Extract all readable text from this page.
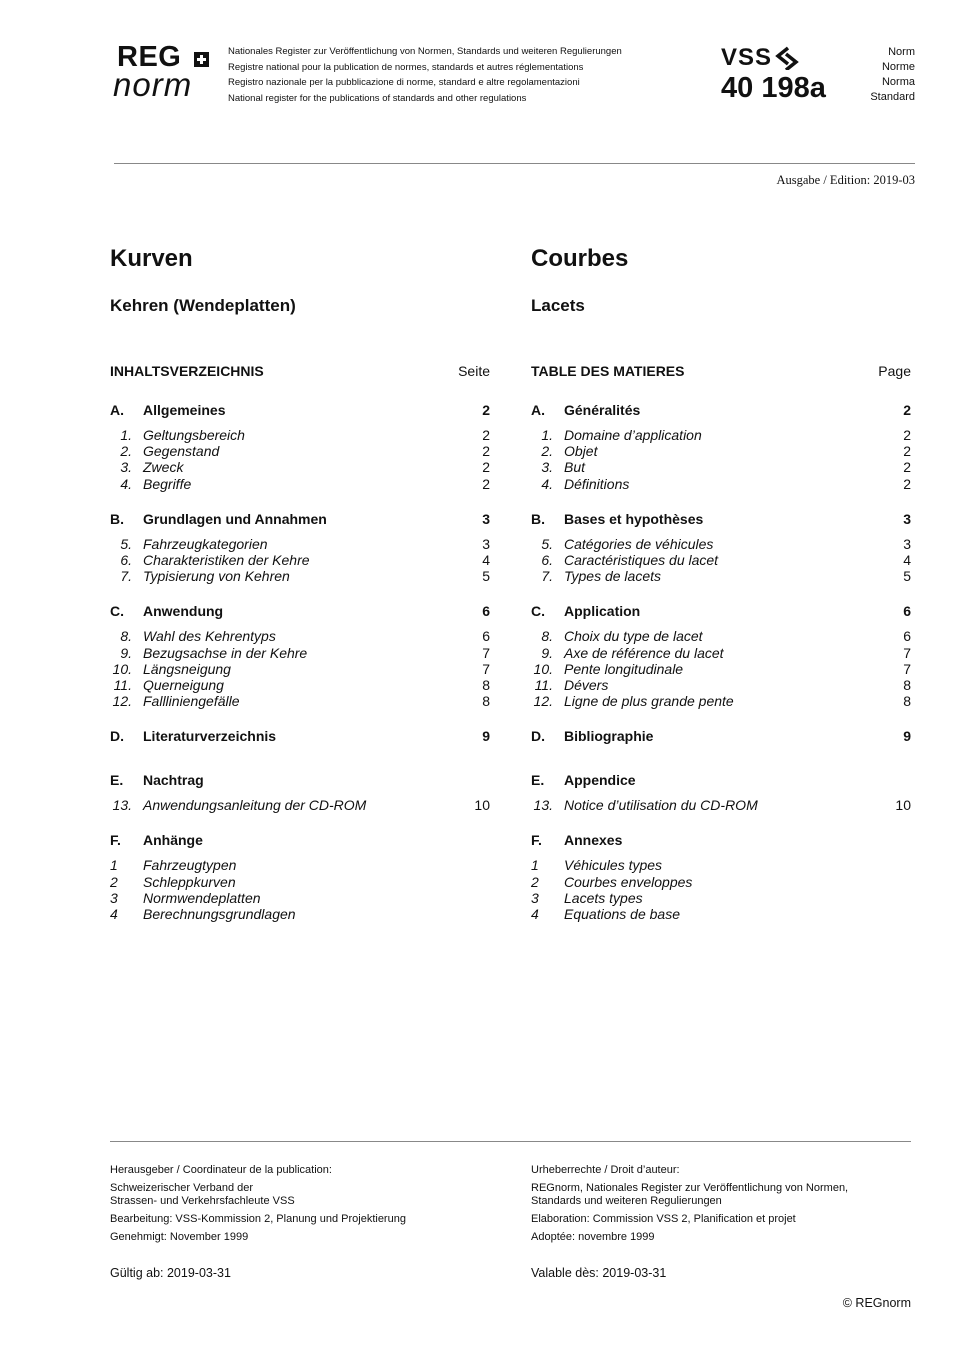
REG
norm
Nationales Register zur Veröffentlichung von Normen, Standards und weiteren Regulierungen
Registre national pour la publication de normes, standards et autres réglementations
Registro nazionale per la pubblicazione di norme, standard e altre regolamentazioni
National register for the publications of standards and other regulations
VSS
40 198a
Norm
Norme
Norma
Standard
Ausgabe / Edition: 2019-03
Kurven
Kehren (Wendeplatten)
Courbes
Lacets
INHALTSVERZEICHNIS	Seite
A.	Allgemeines	2
1. Geltungsbereich	2
2. Gegenstand	2
3. Zweck	2
4. Begriffe	2
B.	Grundlagen und Annahmen	3
5. Fahrzeugkategorien	3
6. Charakteristiken der Kehre	4
7. Typisierung von Kehren	5
C.	Anwendung	6
8. Wahl des Kehrentyps	6
9. Bezugsachse in der Kehre	7
10. Längsneigung	7
11. Querneigung	8
12. Fallliniengefälle	8
D.	Literaturverzeichnis	9
E.	Nachtrag
13. Anwendungsanleitung der CD-ROM	10
F.	Anhänge
1	Fahrzeugtypen
2	Schleppkurven
3	Normwendeplatten
4	Berechnungsgrundlagen
TABLE DES MATIERES	Page
A.	Généralités	2
1. Domaine d’application	2
2. Objet	2
3. But	2
4. Définitions	2
B.	Bases et hypothèses	3
5. Catégories de véhicules	3
6. Caractéristiques du lacet	4
7. Types de lacets	5
C.	Application	6
8. Choix du type de lacet	6
9. Axe de référence du lacet	7
10. Pente longitudinale	7
11. Dévers	8
12. Ligne de plus grande pente	8
D.	Bibliographie	9
E.	Appendice
13. Notice d’utilisation du CD-ROM	10
F.	Annexes
1	Véhicules types
2	Courbes enveloppes
3	Lacets types
4	Equations de base
Herausgeber / Coordinateur de la publication:
Schweizerischer Verband der
Strassen- und Verkehrsfachleute VSS
Bearbeitung: VSS-Kommission 2, Planung und Projektierung
Genehmigt: November 1999
Urheberrechte / Droit d’auteur:
REGnorm, Nationales Register zur Veröffentlichung von Normen,
Standards und weiteren Regulierungen
Elaboration: Commission VSS 2, Planification et projet
Adoptée: novembre 1999
Gültig ab: 2019-03-31	Valable dès: 2019-03-31
© REGnorm
